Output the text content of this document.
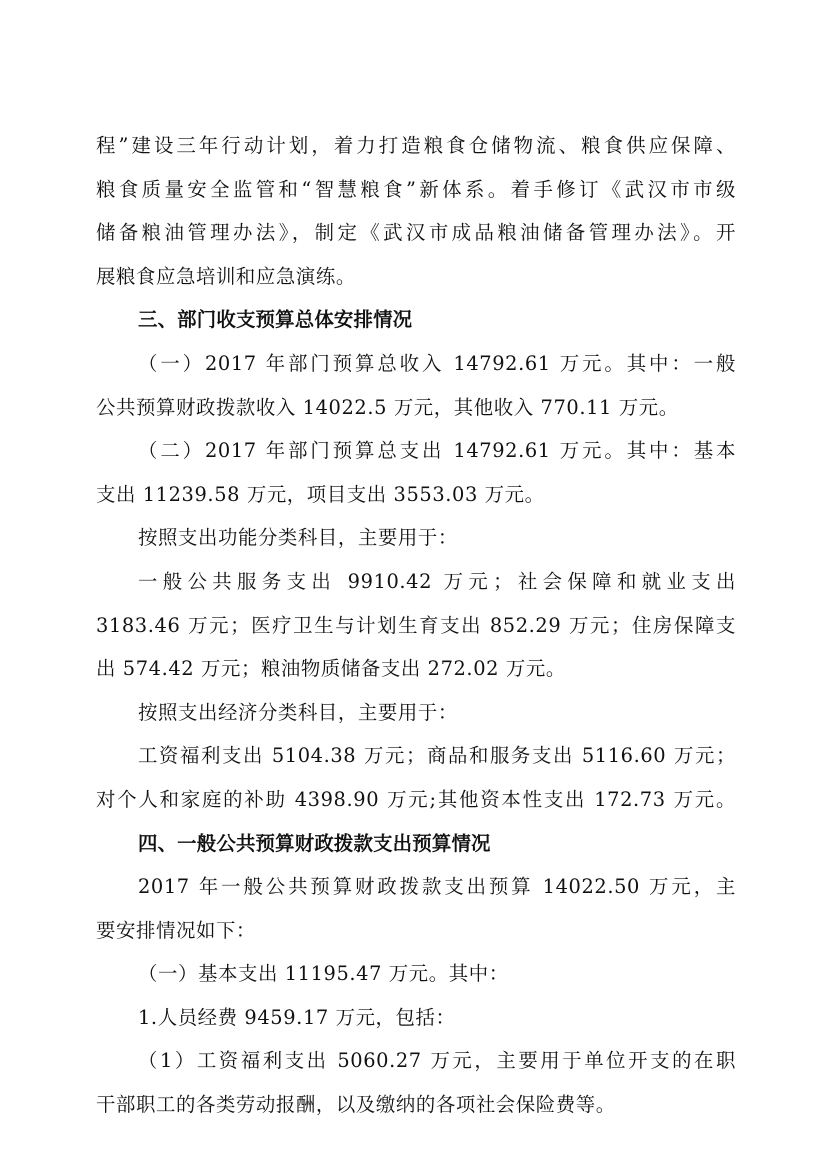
程”建设三年行动计划，着力打造粮食仓储物流、粮食供应保障、
粮食质量安全监管和“智慧粮食”新体系。着手修订《武汉市市级
储备粮油管理办法》，制定《武汉市成品粮油储备管理办法》。开
展粮食应急培训和应急演练。
三、部门收支预算总体安排情况
（一）2017 年部门预算总收入 14792.61 万元。其中：一般
公共预算财政拨款收入 14022.5 万元，其他收入 770.11 万元。
（二）2017 年部门预算总支出 14792.61 万元。其中：基本
支出 11239.58 万元，项目支出 3553.03 万元。
按照支出功能分类科目，主要用于：
一般公共服务支出 9910.42 万元；社会保障和就业支出
3183.46 万元；医疗卫生与计划生育支出 852.29 万元；住房保障支
出 574.42 万元；粮油物质储备支出 272.02 万元。
按照支出经济分类科目，主要用于：
工资福利支出 5104.38 万元；商品和服务支出 5116.60 万元；
对个人和家庭的补助 4398.90 万元;其他资本性支出 172.73 万元。
四、一般公共预算财政拨款支出预算情况
2017 年一般公共预算财政拨款支出预算 14022.50 万元，主
要安排情况如下：
（一）基本支出 11195.47 万元。其中：
1.人员经费 9459.17 万元，包括：
（1）工资福利支出 5060.27 万元，主要用于单位开支的在职
干部职工的各类劳动报酬，以及缴纳的各项社会保险费等。
